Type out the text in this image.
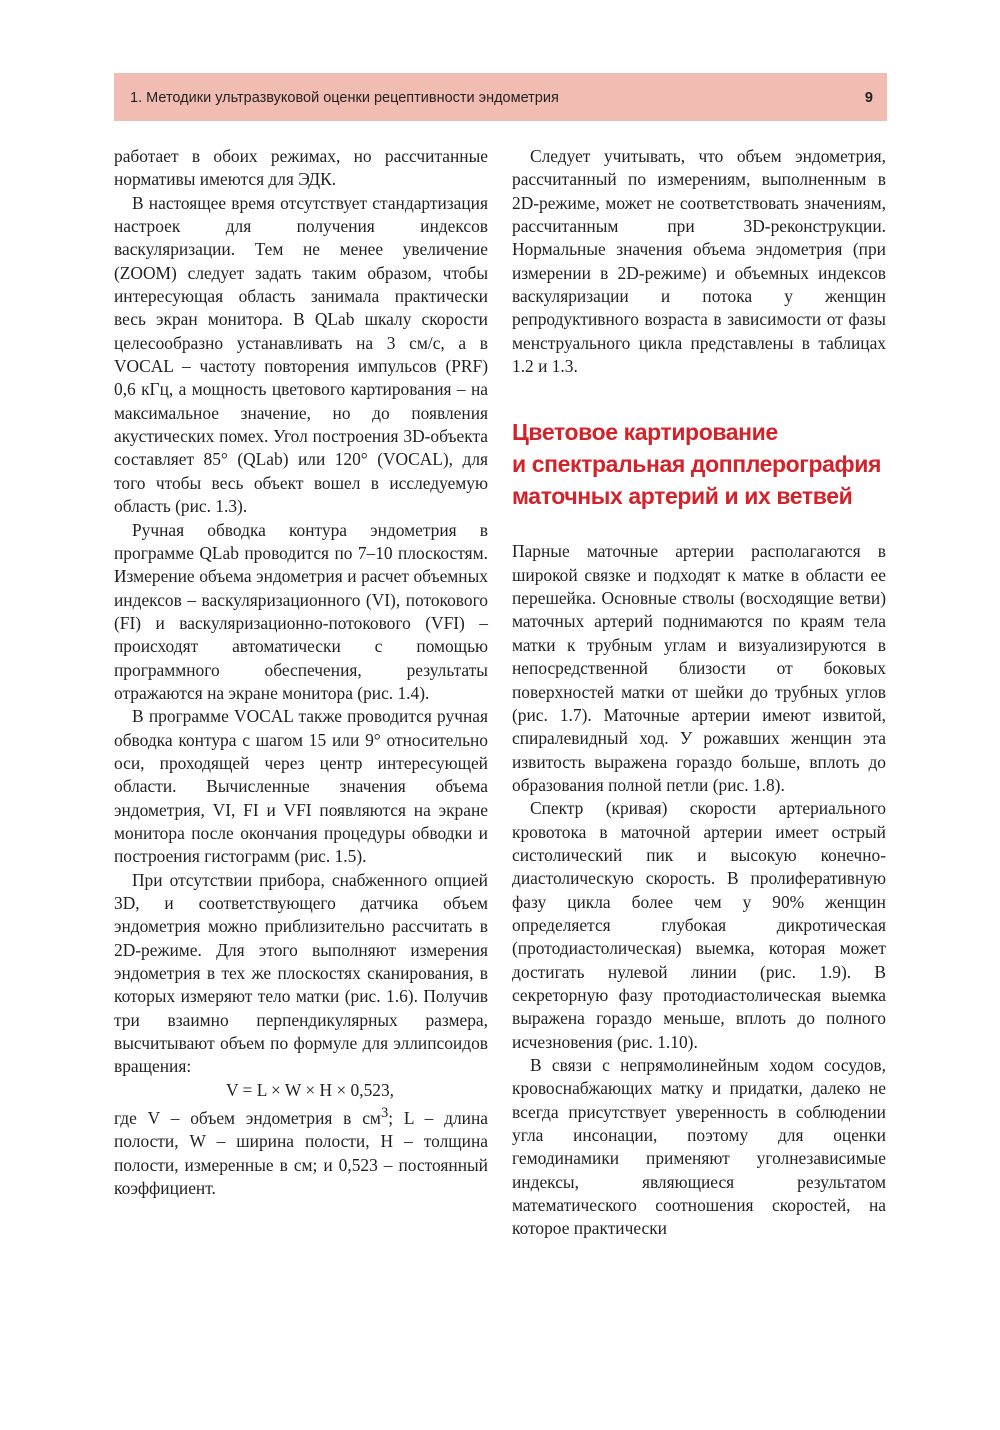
1. Методики ультразвуковой оценки рецептивности эндометрия	9

работает в обоих режимах, но рассчитанные нормативы имеются для ЭДК.

В настоящее время отсутствует стандартизация настроек для получения индексов васкуляризации. Тем не менее увеличение (ZOOM) следует задать таким образом, чтобы интересующая область занимала практически весь экран монитора. В QLab шкалу скорости целесообразно устанавливать на 3 см/с, а в VOCAL – частоту повторения импульсов (PRF) 0,6 кГц, а мощность цветового картирования – на максимальное значение, но до появления акустических помех. Угол построения 3D-объекта составляет 85° (QLab) или 120° (VOCAL), для того чтобы весь объект вошел в исследуемую область (рис. 1.3).

Ручная обводка контура эндометрия в программе QLab проводится по 7–10 плоскостям. Измерение объема эндометрия и расчет объемных индексов – васкуляризационного (VI), потокового (FI) и васкуляризационно-потокового (VFI) – происходят автоматически с помощью программного обеспечения, результаты отражаются на экране монитора (рис. 1.4).

В программе VOCAL также проводится ручная обводка контура с шагом 15 или 9° относительно оси, проходящей через центр интересующей области. Вычисленные значения объема эндометрия, VI, FI и VFI появляются на экране монитора после окончания процедуры обводки и построения гистограмм (рис. 1.5).

При отсутствии прибора, снабженного опцией 3D, и соответствующего датчика объем эндометрия можно приблизительно рассчитать в 2D-режиме. Для этого выполняют измерения эндометрия в тех же плоскостях сканирования, в которых измеряют тело матки (рис. 1.6). Получив три взаимно перпендикулярных размера, высчитывают объем по формуле для эллипсоидов вращения:

V = L × W × H × 0,523,

где V – объем эндометрия в $см^3$; L – длина полости, W – ширина полости, H – толщина полости, измеренные в см; и 0,523 – постоянный коэффициент.

Следует учитывать, что объем эндометрия, рассчитанный по измерениям, выполненным в 2D-режиме, может не соответствовать значениям, рассчитанным при 3D-реконструкции. Нормальные значения объема эндометрия (при измерении в 2D-режиме) и объемных индексов васкуляризации и потока у женщин репродуктивного возраста в зависимости от фазы менструального цикла представлены в таблицах 1.2 и 1.3.

Цветовое картирование
и спектральная допплерография
маточных артерий и их ветвей

Парные маточные артерии располагаются в широкой связке и подходят к матке в области ее перешейка. Основные стволы (восходящие ветви) маточных артерий поднимаются по краям тела матки к трубным углам и визуализируются в непосредственной близости от боковых поверхностей матки от шейки до трубных углов (рис. 1.7). Маточные артерии имеют извитой, спиралевидный ход. У рожавших женщин эта извитость выражена гораздо больше, вплоть до образования полной петли (рис. 1.8).

Спектр (кривая) скорости артериального кровотока в маточной артерии имеет острый систолический пик и высокую конечно-диастолическую скорость. В пролиферативную фазу цикла более чем у 90% женщин определяется глубокая дикротическая (протодиастолическая) выемка, которая может достигать нулевой линии (рис. 1.9). В секреторную фазу протодиастолическая выемка выражена гораздо меньше, вплоть до полного исчезновения (рис. 1.10).

В связи с непрямолинейным ходом сосудов, кровоснабжающих матку и придатки, далеко не всегда присутствует уверенность в соблюдении угла инсонации, поэтому для оценки гемодинамики применяют уголнезависимые индексы, являющиеся результатом математического соотношения скоростей, на которое практически
